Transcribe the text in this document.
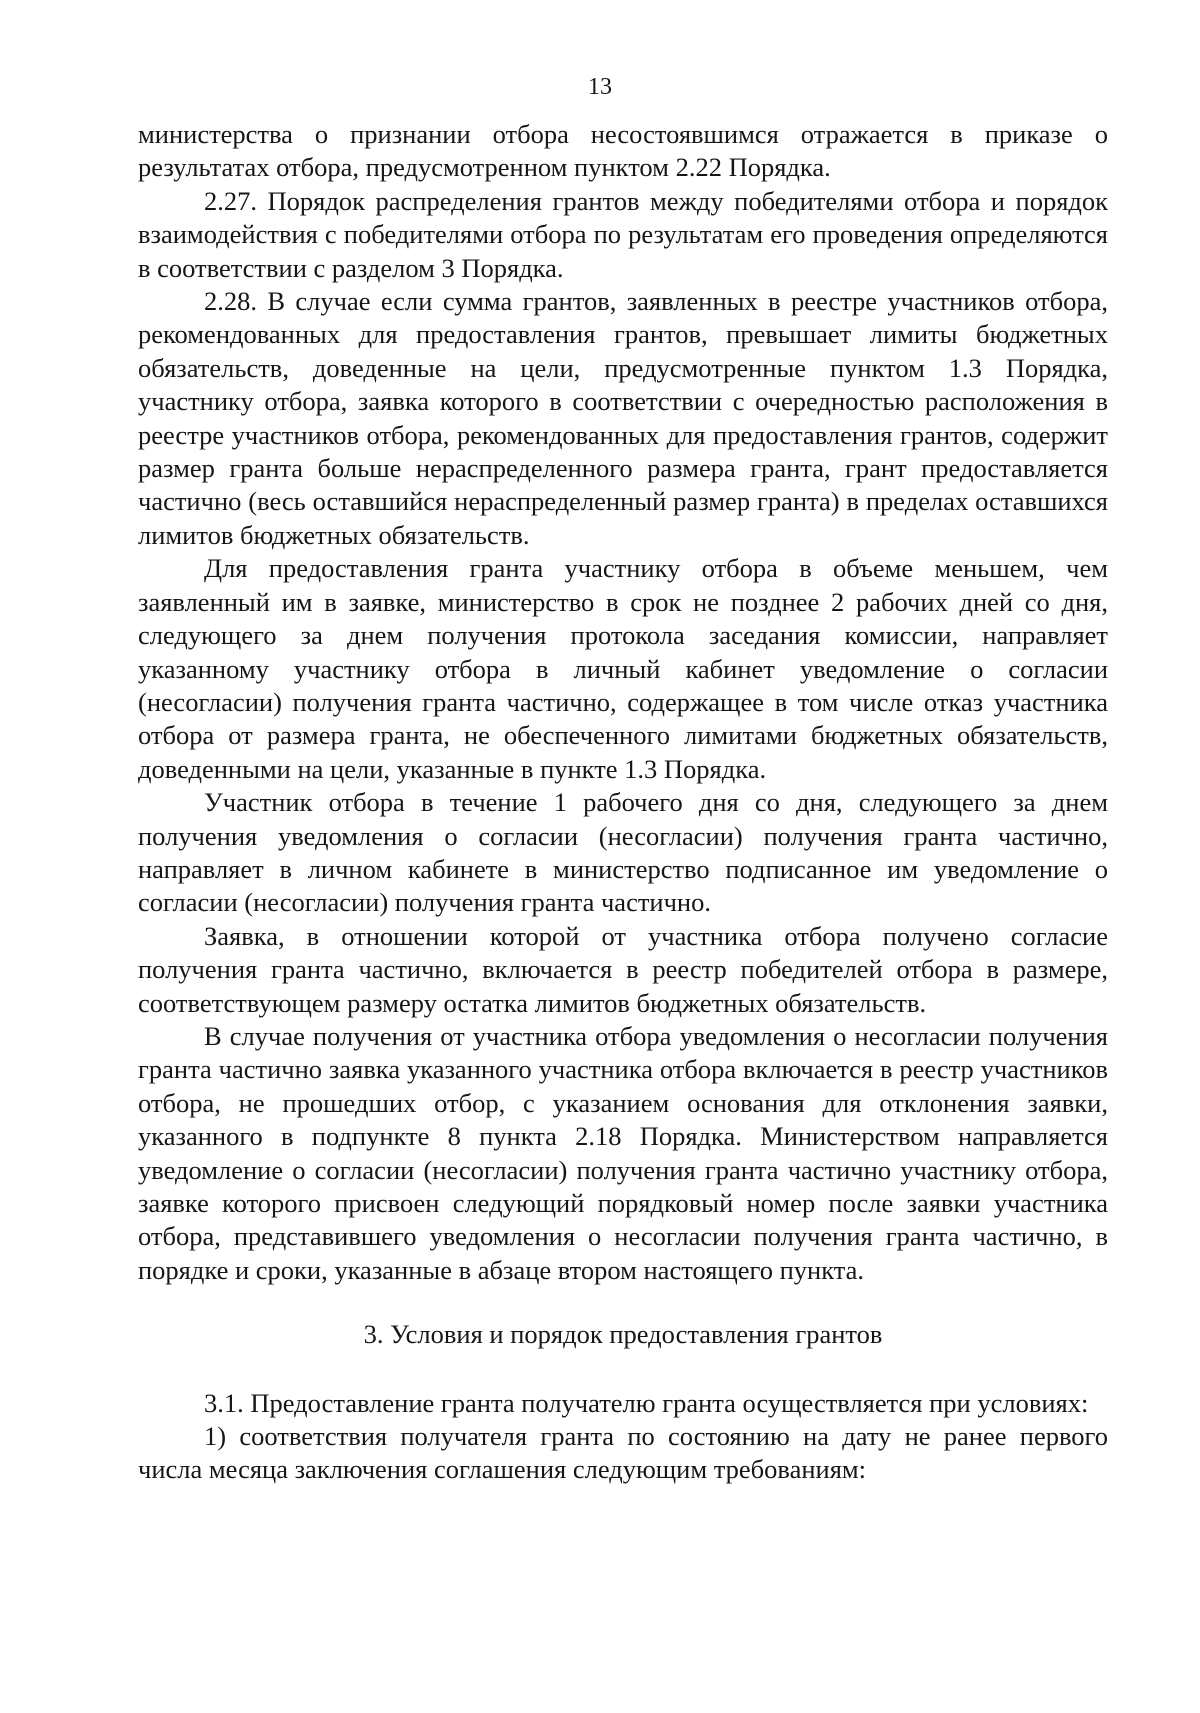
13

министерства о признании отбора несостоявшимся отражается в приказе о результатах отбора, предусмотренном пунктом 2.22 Порядка.

2.27. Порядок распределения грантов между победителями отбора и порядок взаимодействия с победителями отбора по результатам его проведения определяются в соответствии с разделом 3 Порядка.

2.28. В случае если сумма грантов, заявленных в реестре участников отбора, рекомендованных для предоставления грантов, превышает лимиты бюджетных обязательств, доведенные на цели, предусмотренные пунктом 1.3 Порядка, участнику отбора, заявка которого в соответствии с очередностью расположения в реестре участников отбора, рекомендованных для предоставления грантов, содержит размер гранта больше нераспределенного размера гранта, грант предоставляется частично (весь оставшийся нераспределенный размер гранта) в пределах оставшихся лимитов бюджетных обязательств.

Для предоставления гранта участнику отбора в объеме меньшем, чем заявленный им в заявке, министерство в срок не позднее 2 рабочих дней со дня, следующего за днем получения протокола заседания комиссии, направляет указанному участнику отбора в личный кабинет уведомление о согласии (несогласии) получения гранта частично, содержащее в том числе отказ участника отбора от размера гранта, не обеспеченного лимитами бюджетных обязательств, доведенными на цели, указанные в пункте 1.3 Порядка.

Участник отбора в течение 1 рабочего дня со дня, следующего за днем получения уведомления о согласии (несогласии) получения гранта частично, направляет в личном кабинете в министерство подписанное им уведомление о согласии (несогласии) получения гранта частично.

Заявка, в отношении которой от участника отбора получено согласие получения гранта частично, включается в реестр победителей отбора в размере, соответствующем размеру остатка лимитов бюджетных обязательств.

В случае получения от участника отбора уведомления о несогласии получения гранта частично заявка указанного участника отбора включается в реестр участников отбора, не прошедших отбор, с указанием основания для отклонения заявки, указанного в подпункте 8 пункта 2.18 Порядка. Министерством направляется уведомление о согласии (несогласии) получения гранта частично участнику отбора, заявке которого присвоен следующий порядковый номер после заявки участника отбора, представившего уведомления о несогласии получения гранта частично, в порядке и сроки, указанные в абзаце втором настоящего пункта.

3. Условия и порядок предоставления грантов

3.1. Предоставление гранта получателю гранта осуществляется при условиях:

1) соответствия получателя гранта по состоянию на дату не ранее первого числа месяца заключения соглашения следующим требованиям:
